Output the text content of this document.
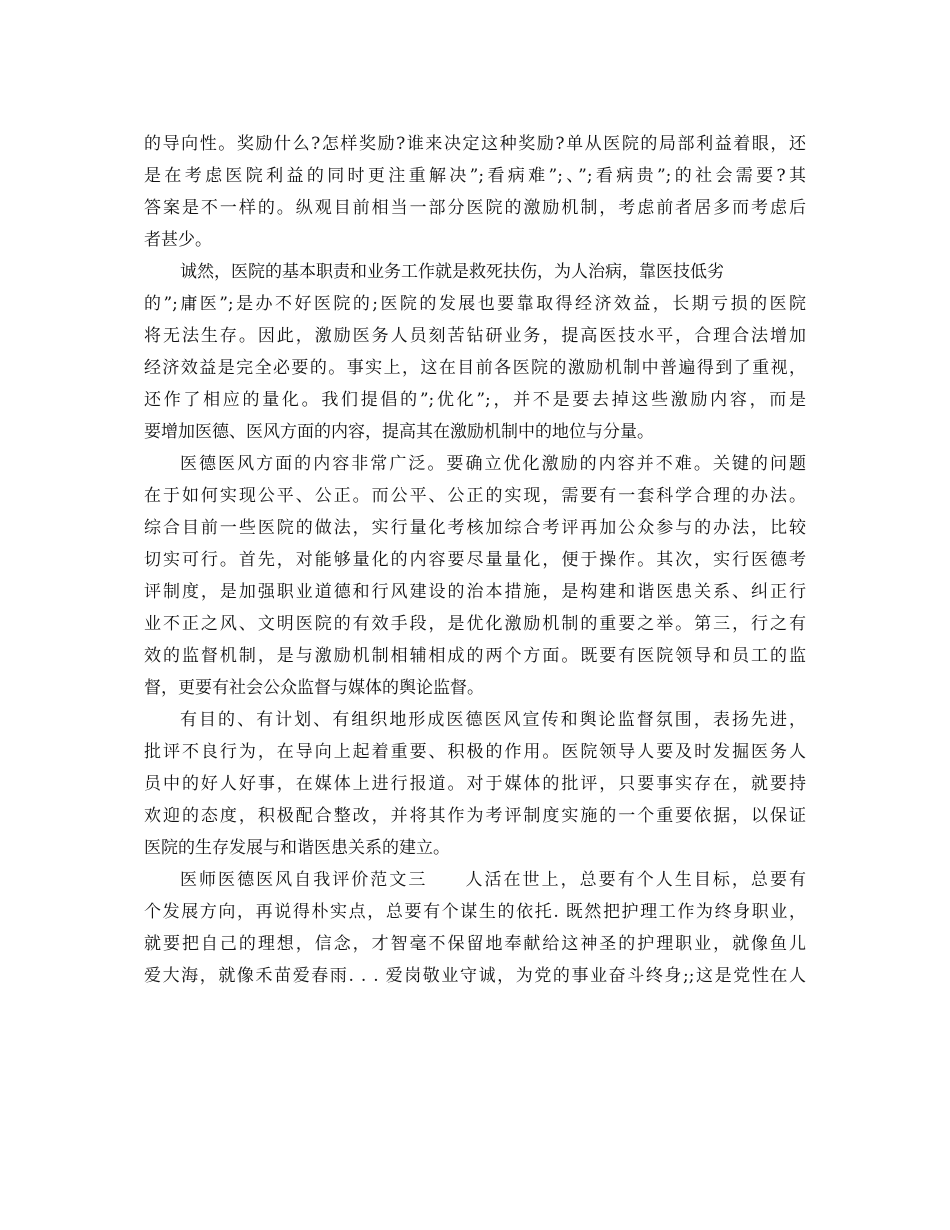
的导向性。奖励什么?怎样奖励?谁来决定这种奖励?单从医院的局部利益着眼，还
是在考虑医院利益的同时更注重解决”;看病难”;、”;看病贵”;的社会需要?其
答案是不一样的。纵观目前相当一部分医院的激励机制，考虑前者居多而考虑后
者甚少。
诚然，医院的基本职责和业务工作就是救死扶伤，为人治病，靠医技低劣
的”;庸医”;是办不好医院的;医院的发展也要靠取得经济效益，长期亏损的医院
将无法生存。因此，激励医务人员刻苦钻研业务，提高医技水平，合理合法增加
经济效益是完全必要的。事实上，这在目前各医院的激励机制中普遍得到了重视，
还作了相应的量化。我们提倡的”;优化”;，并不是要去掉这些激励内容，而是
要增加医德、医风方面的内容，提高其在激励机制中的地位与分量。
医德医风方面的内容非常广泛。要确立优化激励的内容并不难。关键的问题
在于如何实现公平、公正。而公平、公正的实现，需要有一套科学合理的办法。
综合目前一些医院的做法，实行量化考核加综合考评再加公众参与的办法，比较
切实可行。首先，对能够量化的内容要尽量量化，便于操作。其次，实行医德考
评制度，是加强职业道德和行风建设的治本措施，是构建和谐医患关系、纠正行
业不正之风、文明医院的有效手段，是优化激励机制的重要之举。第三，行之有
效的监督机制，是与激励机制相辅相成的两个方面。既要有医院领导和员工的监
督，更要有社会公众监督与媒体的舆论监督。
有目的、有计划、有组织地形成医德医风宣传和舆论监督氛围，表扬先进，
批评不良行为，在导向上起着重要、积极的作用。医院领导人要及时发掘医务人
员中的好人好事，在媒体上进行报道。对于媒体的批评，只要事实存在，就要持
欢迎的态度，积极配合整改，并将其作为考评制度实施的一个重要依据，以保证
医院的生存发展与和谐医患关系的建立。
医师医德医风自我评价范文三　　人活在世上，总要有个人生目标，总要有
个发展方向，再说得朴实点，总要有个谋生的依托. 既然把护理工作为终身职业，
就要把自己的理想，信念，才智毫不保留地奉献给这神圣的护理职业，就像鱼儿
爱大海，就像禾苗爱春雨. . . 爱岗敬业守诚，为党的事业奋斗终身;;这是党性在人
